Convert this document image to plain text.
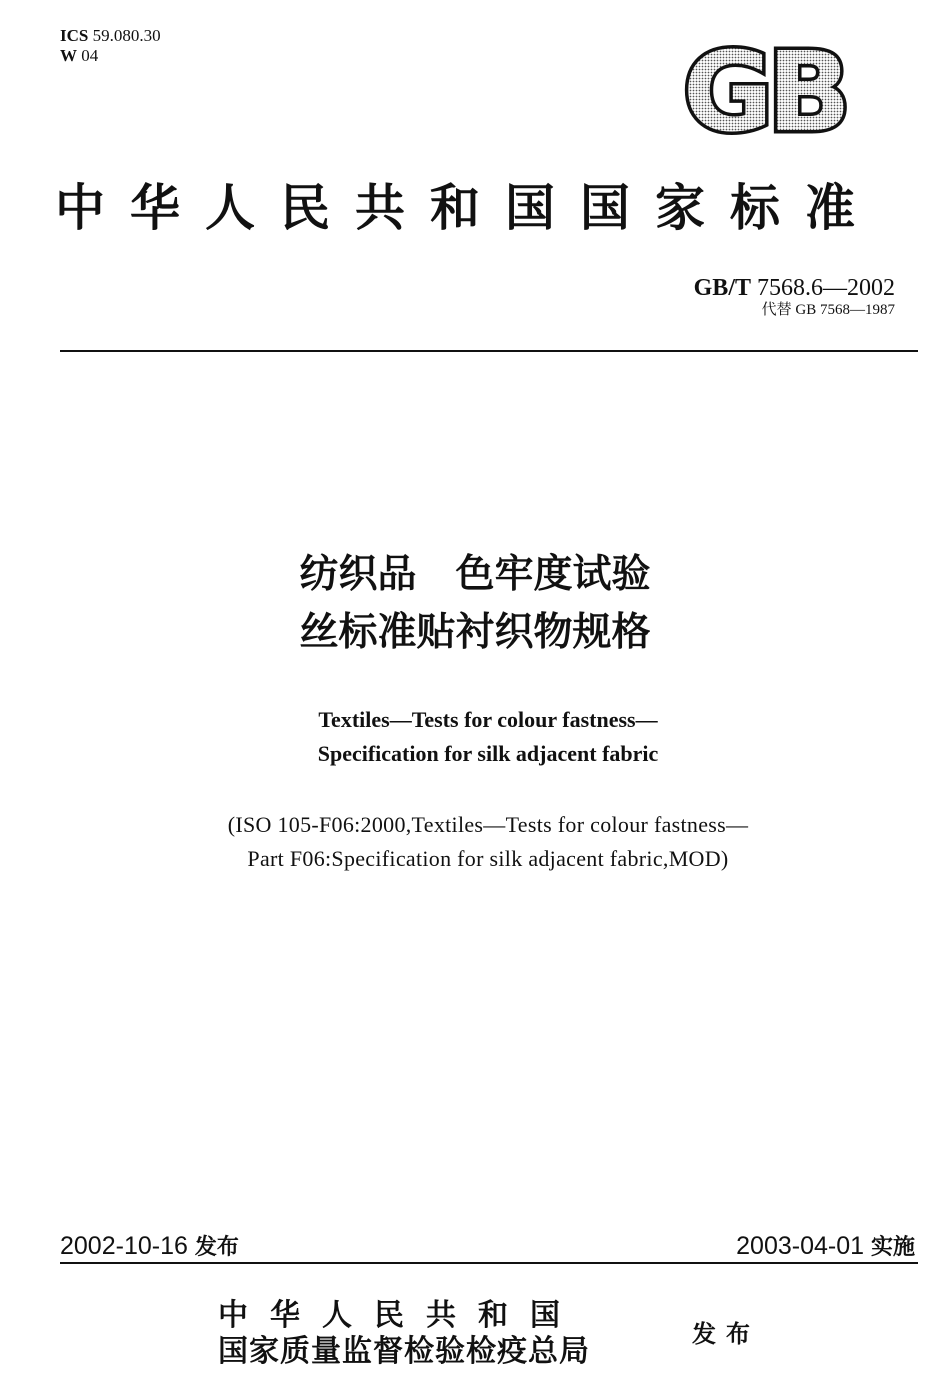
ICS 59.080.30
W 04	GB
中华人民共和国国家标准
GB/T 7568.6—2002
代替 GB 7568—1987
纺织品　色牢度试验
丝标准贴衬织物规格
Textiles—Tests for colour fastness—
Specification for silk adjacent fabric
(ISO 105-F06:2000,Textiles—Tests for colour fastness—
Part F06:Specification for silk adjacent fabric,MOD)
2002-10-16 发布	2003-04-01 实施
中华人民共和国
国家质量监督检验检疫总局
发布
